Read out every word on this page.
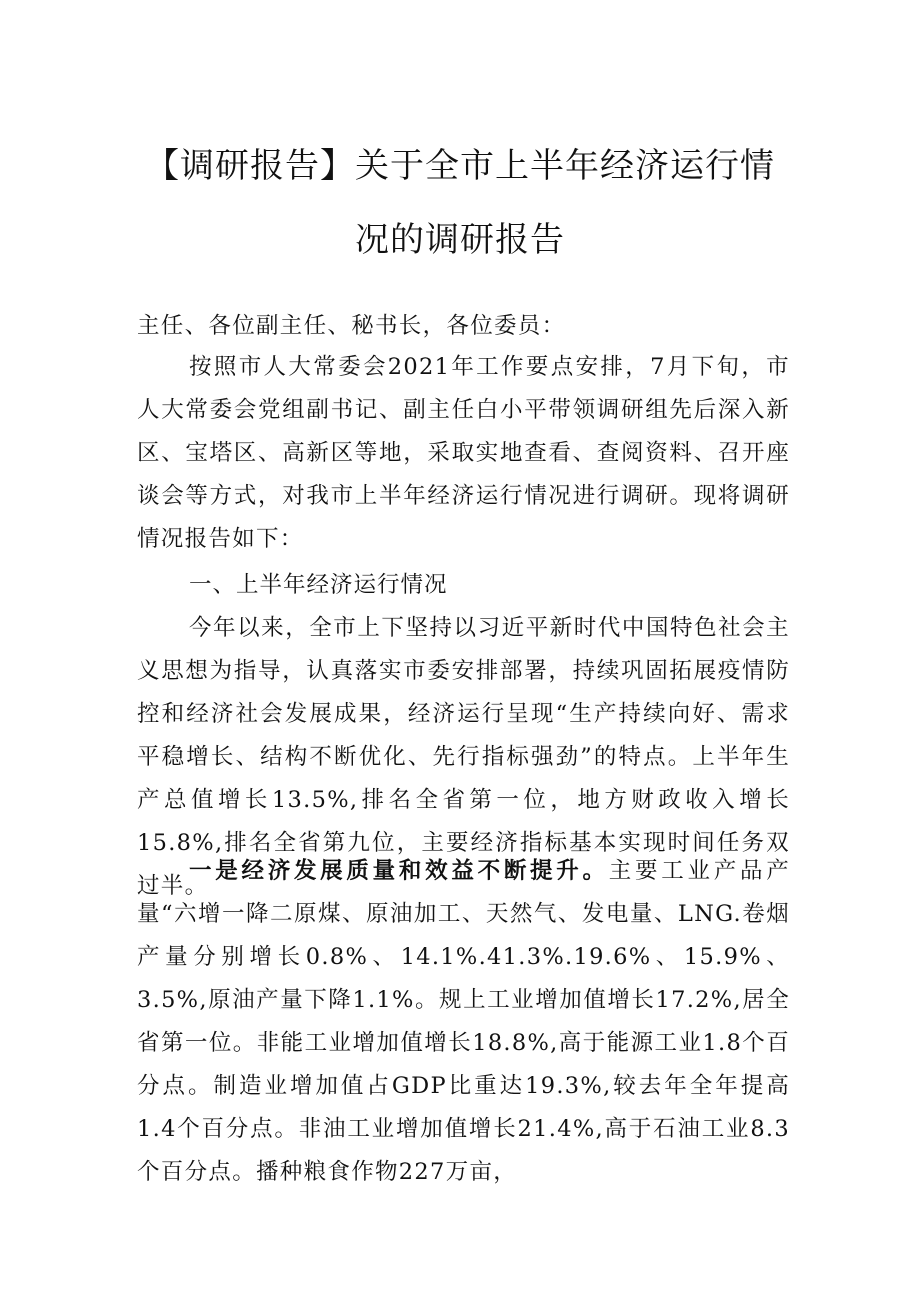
【调研报告】关于全市上半年经济运行情
况的调研报告
主任、各位副主任、秘书长，各位委员：
按照市人大常委会2021年工作要点安排，7月下旬，市人大常委会党组副书记、副主任白小平带领调研组先后深入新区、宝塔区、高新区等地，采取实地查看、查阅资料、召开座谈会等方式，对我市上半年经济运行情况进行调研。现将调研情况报告如下：
一、上半年经济运行情况
今年以来，全市上下坚持以习近平新时代中国特色社会主义思想为指导，认真落实市委安排部署，持续巩固拓展疫情防控和经济社会发展成果，经济运行呈现“生产持续向好、需求平稳增长、结构不断优化、先行指标强劲”的特点。上半年生产总值增长13.5%,排名全省第一位，地方财政收入增长15.8%,排名全省第九位，主要经济指标基本实现时间任务双过半。
一是经济发展质量和效益不断提升。主要工业产品产量“六增一降二原煤、原油加工、天然气、发电量、LNG.卷烟产量分别增长0.8%、14.1%.41.3%.19.6%、15.9%、3.5%,原油产量下降1.1%。规上工业增加值增长17.2%,居全省第一位。非能工业增加值增长18.8%,高于能源工业1.8个百分点。制造业增加值占GDP比重达19.3%,较去年全年提高1.4个百分点。非油工业增加值增长21.4%,高于石油工业8.3个百分点。播种粮食作物227万亩，
